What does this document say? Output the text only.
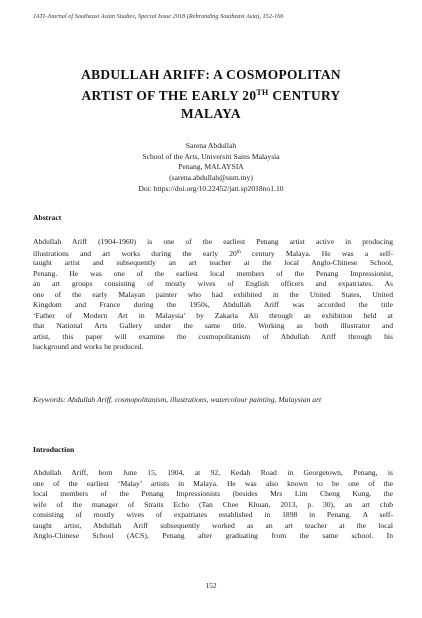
JATI-Journal of Southeast Asian Studies, Special Issue 2018 (Rebranding Southeast Asia), 152-166
ABDULLAH ARIFF: A COSMOPOLITAN
ARTIST OF THE EARLY 20TH CENTURY
MALAYA
Sarena Abdullah
School of the Arts, Universiti Sains Malaysia
Penang, MALAYSIA
(sarena.abdullah@usm.my)
Doi: https://doi.org/10.22452/jati.sp2018no1.10
Abstract
Abdullah Ariff (1904-1960) is one of the earliest Penang artist active in producing
illustrations and art works during the early 20th century Malaya. He was a self-
taught artist and subsequently an art teacher at the local Anglo-Chinese School,
Penang. He was one of the earliest local members of the Penang Impressionist,
an art groups consisting of mostly wives of English officers and expatriates. As
one of the early Malayan painter who had exhibited in the United States, United
Kingdom and France during the 1950s, Abdullah Ariff was accorded the title
‘Father of Modern Art in Malaysia’ by Zakaria Ali through an exhibition held at
that National Arts Gallery under the same title. Working as both illustrator and
artist, this paper will examine the cosmopolitanism of Abdullah Ariff through his
background and works he produced.
Keywords: Abdullah Ariff, cosmopolitanism, illustrations, watercolour painting, Malaysian art
Introduction
Abdullah Ariff, born June 15, 1904, at 92, Kedah Road in Georgetown, Penang, is
one of the earliest ‘Malay’ artists in Malaya. He was also known to be one of the
local members of the Penang Impressionists (besides Mrs Lim Cheng Kung, the
wife of the manager of Straits Echo (Tan Chee Khuan, 2013, p. 30), an art club
consisting of mostly wives of expatriates established in 1898 in Penang. A self-
taught artist, Abdullah Ariff subsequently worked as an art teacher at the local
Anglo-Chinese School (ACS), Penang after graduating from the same school. In
152
